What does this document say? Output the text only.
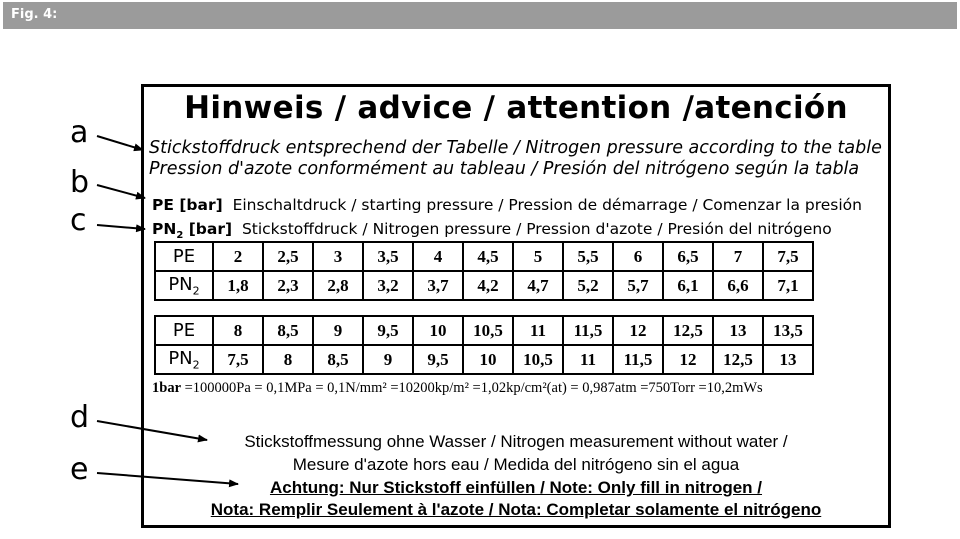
Fig. 4:
a
b
c
d
e
Hinweis / advice / attention /atención
Stickstoffdruck entsprechend der Tabelle / Nitrogen pressure according to the table
Pression d'azote conformément au tableau / Presión del nitrógeno según la tabla
PE [bar] Einschaltdruck / starting pressure / Pression de démarrage / Comenzar la presión
$PN_2$ [bar] Stickstoffdruck / Nitrogen pressure / Pression d'azote / Presión del nitrógeno
PE	2	2,5	3	3,5	4	4,5	5	5,5	6	6,5	7	7,5
$PN_2$	1,8	2,3	2,8	3,2	3,7	4,2	4,7	5,2	5,7	6,1	6,6	7,1
PE	8	8,5	9	9,5	10	10,5	11	11,5	12	12,5	13	13,5
$PN_2$	7,5	8	8,5	9	9,5	10	10,5	11	11,5	12	12,5	13
1bar =100000Pa = 0,1MPa = 0,1N/mm² =10200kp/m² =1,02kp/cm²(at) = 0,987atm =750Torr =10,2mWs
Stickstoffmessung ohne Wasser / Nitrogen measurement without water /
Mesure d'azote hors eau / Medida del nitrógeno sin el agua
Achtung: Nur Stickstoff einfüllen / Note: Only fill in nitrogen /
Nota: Remplir Seulement à l'azote / Nota: Completar solamente el nitrógeno
